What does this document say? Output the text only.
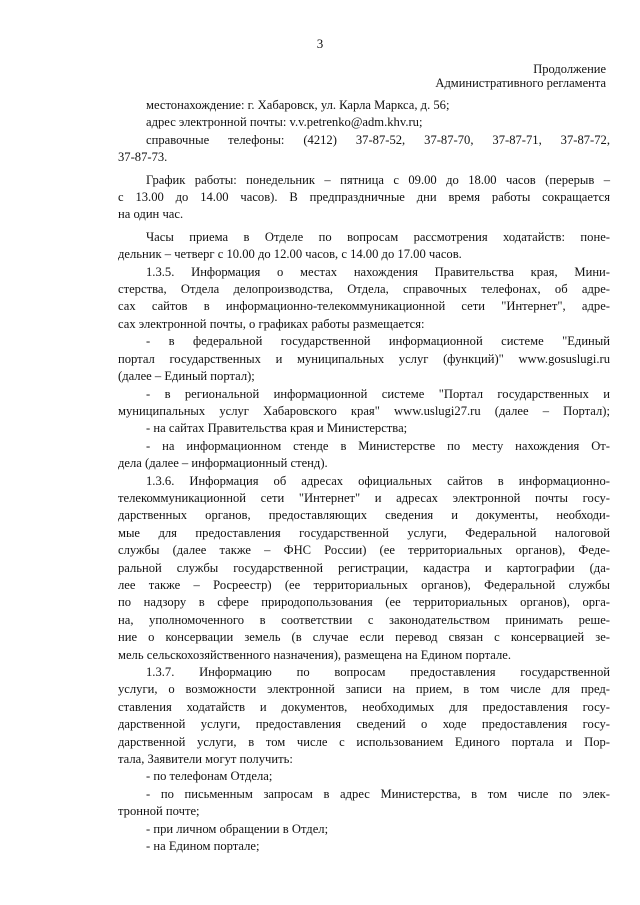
3
Продолжение
Административного регламента
местонахождение: г. Хабаровск, ул. Карла Маркса, д. 56;
адрес электронной почты: v.v.petrenko@adm.khv.ru;
справочные телефоны: (4212) 37-87-52, 37-87-70, 37-87-71, 37-87-72,
37-87-73.
График работы: понедельник – пятница с 09.00 до 18.00 часов (перерыв –
с 13.00 до 14.00 часов). В предпраздничные дни время работы сокращается
на один час.
Часы приема в Отделе по вопросам рассмотрения ходатайств: поне-
дельник – четверг с 10.00 до 12.00 часов, с 14.00 до 17.00 часов.
1.3.5. Информация о местах нахождения Правительства края, Мини-
стерства, Отдела делопроизводства, Отдела, справочных телефонах, об адре-
сах сайтов в информационно-телекоммуникационной сети "Интернет", адре-
сах электронной почты, о графиках работы размещается:
- в федеральной государственной информационной системе "Единый
портал государственных и муниципальных услуг (функций)" www.gosuslugi.ru
(далее – Единый портал);
- в региональной информационной системе "Портал государственных и
муниципальных услуг Хабаровского края" www.uslugi27.ru (далее – Портал);
- на сайтах Правительства края и Министерства;
- на информационном стенде в Министерстве по месту нахождения От-
дела (далее – информационный стенд).
1.3.6. Информация об адресах официальных сайтов в информационно-
телекоммуникационной сети "Интернет" и адресах электронной почты госу-
дарственных органов, предоставляющих сведения и документы, необходи-
мые для предоставления государственной услуги, Федеральной налоговой
службы (далее также – ФНС России) (ее территориальных органов), Феде-
ральной службы государственной регистрации, кадастра и картографии (да-
лее также – Росреестр) (ее территориальных органов), Федеральной службы
по надзору в сфере природопользования (ее территориальных органов), орга-
на, уполномоченного в соответствии с законодательством принимать реше-
ние о консервации земель (в случае если перевод связан с консервацией зе-
мель сельскохозяйственного назначения), размещена на Едином портале.
1.3.7. Информацию по вопросам предоставления государственной
услуги, о возможности электронной записи на прием, в том числе для пред-
ставления ходатайств и документов, необходимых для предоставления госу-
дарственной услуги, предоставления сведений о ходе предоставления госу-
дарственной услуги, в том числе с использованием Единого портала и Пор-
тала, Заявители могут получить:
- по телефонам Отдела;
- по письменным запросам в адрес Министерства, в том числе по элек-
тронной почте;
- при личном обращении в Отдел;
- на Едином портале;
